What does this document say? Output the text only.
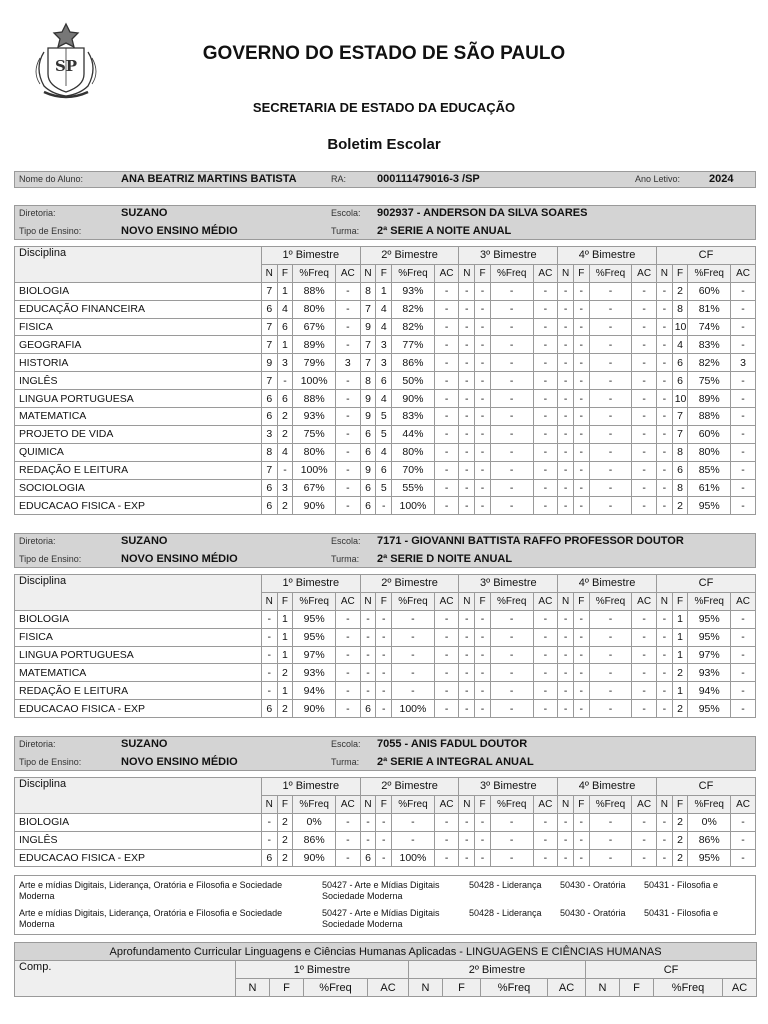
SP
GOVERNO DO ESTADO DE SÃO PAULO
SECRETARIA DE ESTADO DA EDUCAÇÃO
Boletim Escolar
Nome do Aluno:	ANA BEATRIZ MARTINS BATISTA	RA:	000111479016-3 /SP	Ano Letivo:	2024
Diretoria:	SUZANO	Escola: 902937 - ANDERSON DA SILVA SOARES
Tipo de Ensino:	NOVO ENSINO MÉDIO	Turma: 2ª SERIE A NOITE ANUAL
Disciplina	1º Bimestre				2º Bimestre				3º Bimestre				4º Bimestre				CF			
	N	F	%Freq	AC	N	F	%Freq	AC	N	F	%Freq	AC	N	F	%Freq	AC	N	F	%Freq	AC
BIOLOGIA	7	1	88%	-	8	1	93%	-	-	-	-	-	-	-	-	-	-	2	60%	-
EDUCAÇÃO FINANCEIRA	6	4	80%	-	7	4	82%	-	-	-	-	-	-	-	-	-	-	8	81%	-
FISICA	7	6	67%	-	9	4	82%	-	-	-	-	-	-	-	-	-	-	10	74%	-
GEOGRAFIA	7	1	89%	-	7	3	77%	-	-	-	-	-	-	-	-	-	-	4	83%	-
HISTORIA	9	3	79%	3	7	3	86%	-	-	-	-	-	-	-	-	-	-	6	82%	3
INGLÊS	7	-	100%	-	8	6	50%	-	-	-	-	-	-	-	-	-	-	6	75%	-
LINGUA PORTUGUESA	6	6	88%	-	9	4	90%	-	-	-	-	-	-	-	-	-	-	10	89%	-
MATEMATICA	6	2	93%	-	9	5	83%	-	-	-	-	-	-	-	-	-	-	7	88%	-
PROJETO DE VIDA	3	2	75%	-	6	5	44%	-	-	-	-	-	-	-	-	-	-	7	60%	-
QUIMICA	8	4	80%	-	6	4	80%	-	-	-	-	-	-	-	-	-	-	8	80%	-
REDAÇÃO E LEITURA	7	-	100%	-	9	6	70%	-	-	-	-	-	-	-	-	-	-	6	85%	-
SOCIOLOGIA	6	3	67%	-	6	5	55%	-	-	-	-	-	-	-	-	-	-	8	61%	-
EDUCACAO FISICA - EXP	6	2	90%	-	6	-	100%	-	-	-	-	-	-	-	-	-	-	2	95%	-
Diretoria:	SUZANO	Escola: 7171 - GIOVANNI BATTISTA RAFFO PROFESSOR DOUTOR
Tipo de Ensino:	NOVO ENSINO MÉDIO	Turma: 2ª SERIE D NOITE ANUAL
Disciplina	1º Bimestre				2º Bimestre				3º Bimestre				4º Bimestre				CF			
	N	F	%Freq	AC	N	F	%Freq	AC	N	F	%Freq	AC	N	F	%Freq	AC	N	F	%Freq	AC
BIOLOGIA	-	1	95%	-	-	-	-	-	-	-	-	-	-	-	-	-	-	1	95%	-
FISICA	-	1	95%	-	-	-	-	-	-	-	-	-	-	-	-	-	-	1	95%	-
LINGUA PORTUGUESA	-	1	97%	-	-	-	-	-	-	-	-	-	-	-	-	-	-	1	97%	-
MATEMATICA	-	2	93%	-	-	-	-	-	-	-	-	-	-	-	-	-	-	2	93%	-
REDAÇÃO E LEITURA	-	1	94%	-	-	-	-	-	-	-	-	-	-	-	-	-	-	1	94%	-
EDUCACAO FISICA - EXP	6	2	90%	-	6	-	100%	-	-	-	-	-	-	-	-	-	-	2	95%	-
Diretoria:	SUZANO	Escola: 7055 - ANIS FADUL DOUTOR
Tipo de Ensino:	NOVO ENSINO MÉDIO	Turma: 2ª SERIE A INTEGRAL ANUAL
Disciplina	1º Bimestre				2º Bimestre				3º Bimestre				4º Bimestre				CF			
	N	F	%Freq	AC	N	F	%Freq	AC	N	F	%Freq	AC	N	F	%Freq	AC	N	F	%Freq	AC
BIOLOGIA	-	2	0%	-	-	-	-	-	-	-	-	-	-	-	-	-	-	2	0%	-
INGLÊS	-	2	86%	-	-	-	-	-	-	-	-	-	-	-	-	-	-	2	86%	-
EDUCACAO FISICA - EXP	6	2	90%	-	6	-	100%	-	-	-	-	-	-	-	-	-	-	2	95%	-
Arte e mídias Digitais, Liderança, Oratória e Filosofia e Sociedade Moderna
50427 - Arte e Mídias Digitais Sociedade Moderna
50428 - Liderança 50430 - Oratória 50431 - Filosofia e
Arte e mídias Digitais, Liderança, Oratória e Filosofia e Sociedade Moderna
50427 - Arte e Mídias Digitais Sociedade Moderna
50428 - Liderança 50430 - Oratória 50431 - Filosofia e
Aprofundamento Curricular Linguagens e Ciências Humanas Aplicadas - LINGUAGENS E CIÊNCIAS HUMANAS												
Comp.	1º Bimestre				2º Bimestre				CF			
	N	F	%Freq	AC	N	F	%Freq	AC	N	F	%Freq	AC
